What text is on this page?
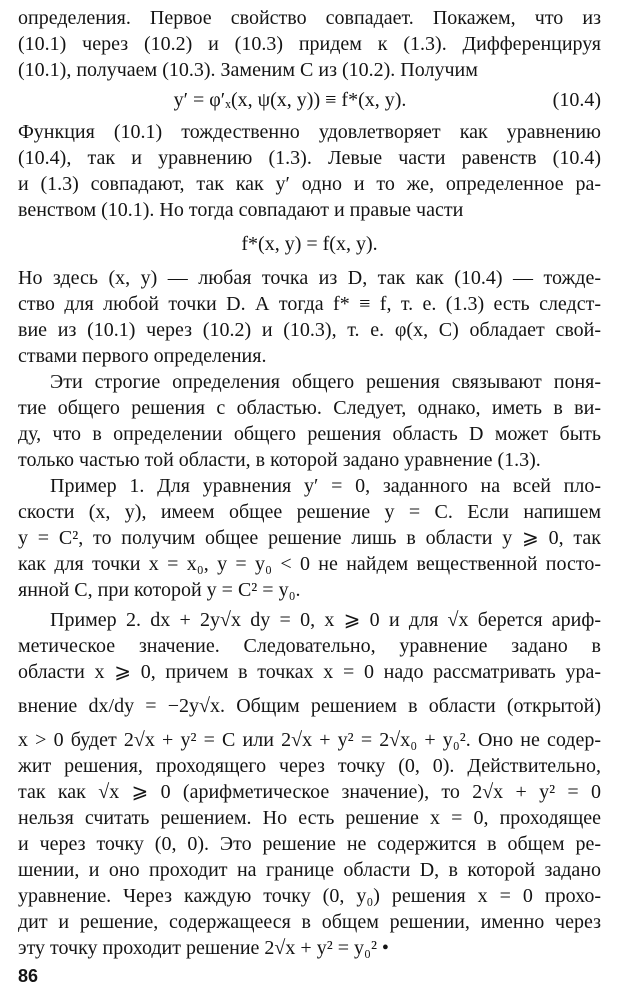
определения. Первое свойство совпадает. Покажем, что из
(10.1) через (10.2) и (10.3) придем к (1.3). Дифференцируя
(10.1), получаем (10.3). Заменим C из (10.2). Получим
y′ = φ′ₓ(x, ψ(x, y)) ≡ f*(x, y).	(10.4)
Функция (10.1) тождественно удовлетворяет как уравнению
(10.4), так и уравнению (1.3). Левые части равенств (10.4)
и (1.3) совпадают, так как y′ одно и то же, определенное ра-
венством (10.1). Но тогда совпадают и правые части
f*(x, y) = f(x, y).
Но здесь (x, y) — любая точка из D, так как (10.4) — тожде-
ство для любой точки D. А тогда f* ≡ f, т. е. (1.3) есть следст-
вие из (10.1) через (10.2) и (10.3), т. е. φ(x, C) обладает свой-
ствами первого определения.
Эти строгие определения общего решения связывают поня-
тие общего решения с областью. Следует, однако, иметь в ви-
ду, что в определении общего решения область D может быть
только частью той области, в которой задано уравнение (1.3).
Пример 1. Для уравнения y′ = 0, заданного на всей пло-
скости (x, y), имеем общее решение y = C. Если напишем
y = C², то получим общее решение лишь в области y ⩾ 0, так
как для точки x = x₀, y = y₀ < 0 не найдем вещественной посто-
янной C, при которой y = C² = y₀.
Пример 2. dx + 2y√x dy = 0, x ⩾ 0 и для √x берется ариф-
метическое значение. Следовательно, уравнение задано в
области x ⩾ 0, причем в точках x = 0 надо рассматривать ура-
внение dx/dy = −2y√x. Общим решением в области (открытой)
x > 0 будет 2√x + y² = C или 2√x + y² = 2√x₀ + y₀². Оно не содер-
жит решения, проходящего через точку (0, 0). Действительно,
так как √x ⩾ 0 (арифметическое значение), то 2√x + y² = 0
нельзя считать решением. Но есть решение x = 0, проходящее
и через точку (0, 0). Это решение не содержится в общем ре-
шении, и оно проходит на границе области D, в которой задано
уравнение. Через каждую точку (0, y₀) решения x = 0 прохо-
дит и решение, содержащееся в общем решении, именно через
эту точку проходит решение 2√x + y² = y₀² •
86
